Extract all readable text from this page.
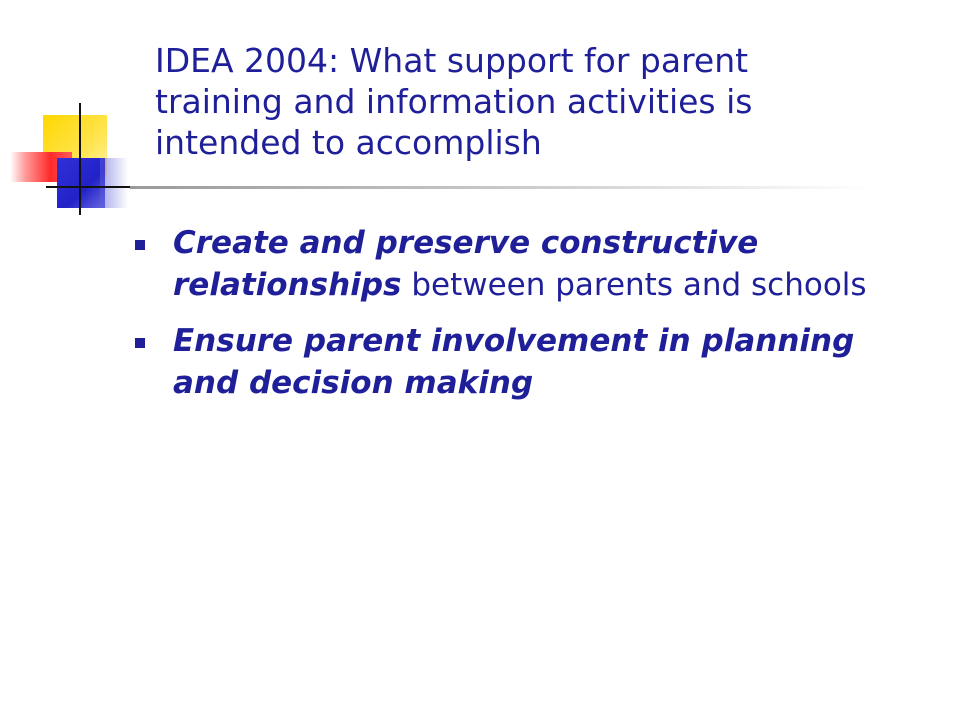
IDEA 2004: What support for parent training and information activities is intended to accomplish
Create and preserve constructive relationships between parents and schools
Ensure parent involvement in planning and decision making
